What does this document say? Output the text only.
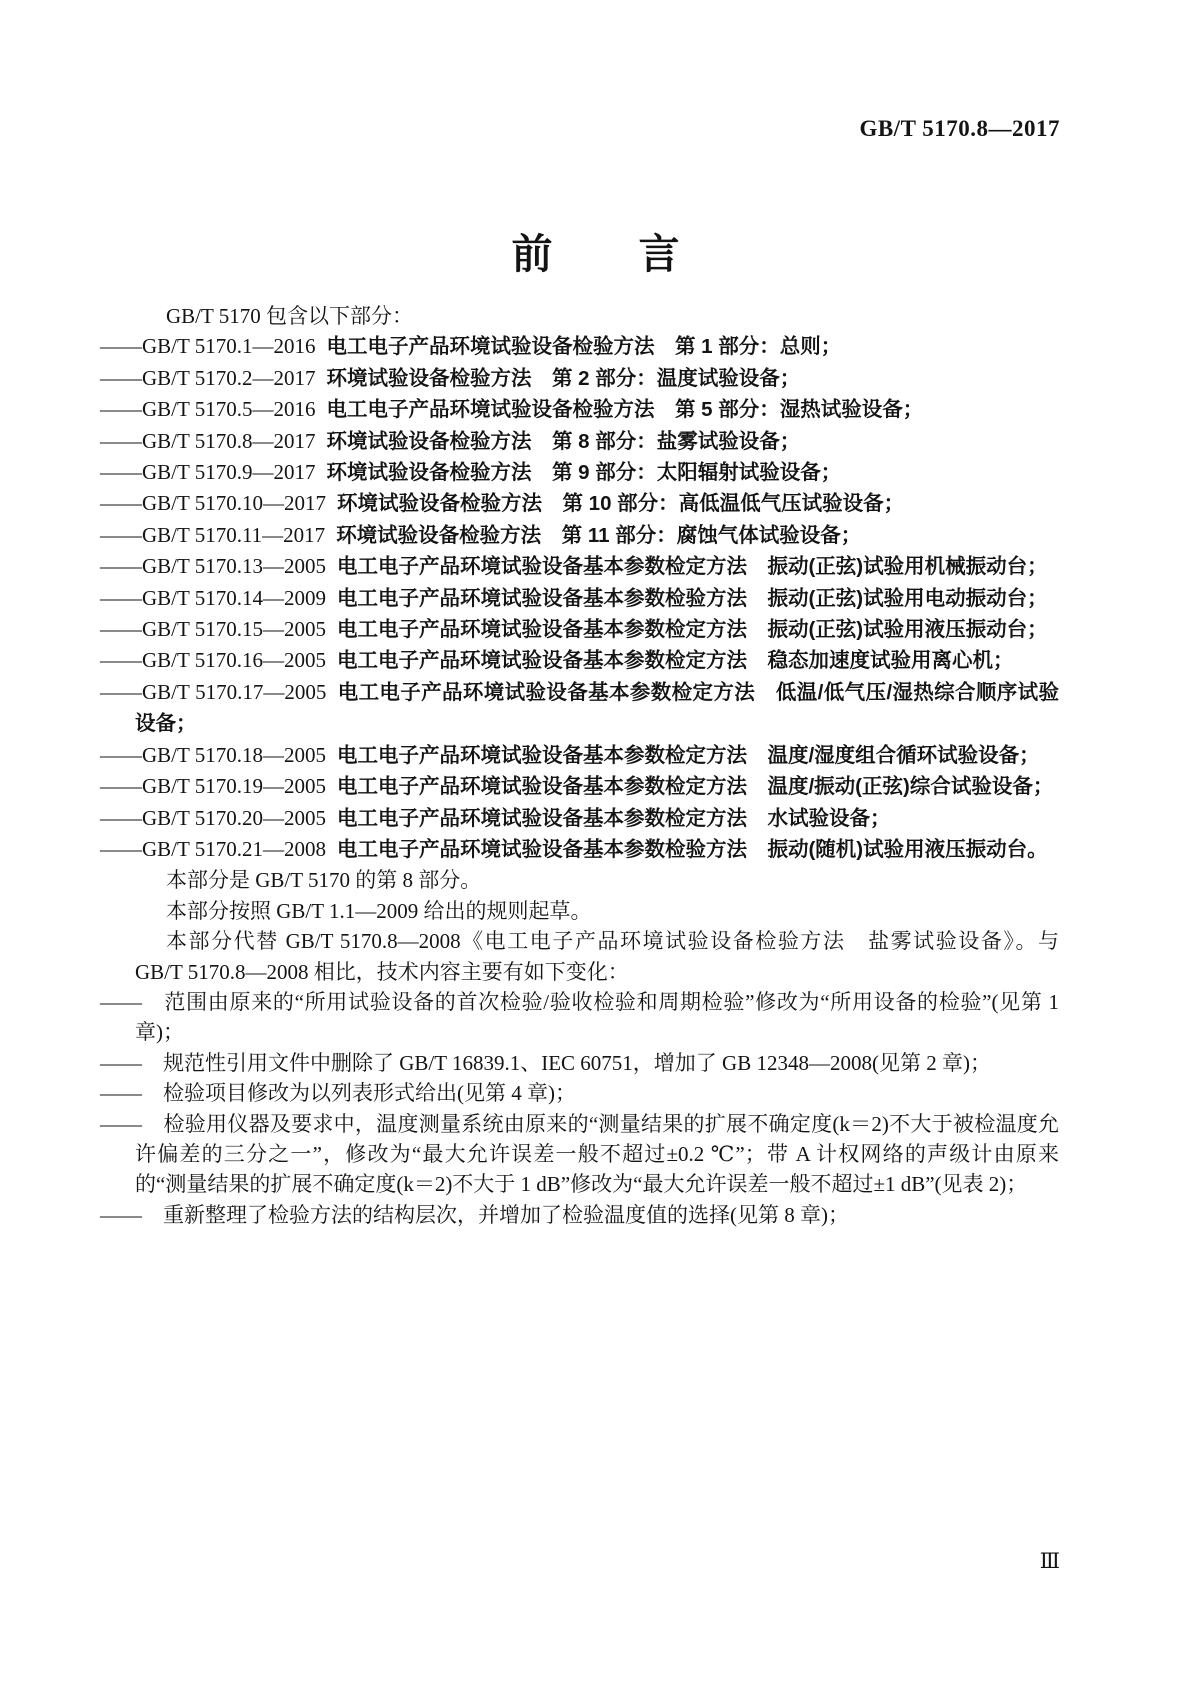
GB/T 5170.8—2017
前　言

GB/T 5170 包含以下部分：

——GB/T 5170.1—2016 电工电子产品环境试验设备检验方法　第 1 部分：总则；

——GB/T 5170.2—2017 环境试验设备检验方法　第 2 部分：温度试验设备；

——GB/T 5170.5—2016 电工电子产品环境试验设备检验方法　第 5 部分：湿热试验设备；

——GB/T 5170.8—2017 环境试验设备检验方法　第 8 部分：盐雾试验设备；

——GB/T 5170.9—2017 环境试验设备检验方法　第 9 部分：太阳辐射试验设备；

——GB/T 5170.10—2017 环境试验设备检验方法　第 10 部分：高低温低气压试验设备；

——GB/T 5170.11—2017 环境试验设备检验方法　第 11 部分：腐蚀气体试验设备；

——GB/T 5170.13—2005 电工电子产品环境试验设备基本参数检定方法　振动(正弦)试验用机械振动台；

——GB/T 5170.14—2009 电工电子产品环境试验设备基本参数检验方法　振动(正弦)试验用电动振动台；

——GB/T 5170.15—2005 电工电子产品环境试验设备基本参数检定方法　振动(正弦)试验用液压振动台；

——GB/T 5170.16—2005 电工电子产品环境试验设备基本参数检定方法　稳态加速度试验用离心机；

——GB/T 5170.17—2005 电工电子产品环境试验设备基本参数检定方法　低温/低气压/湿热综合顺序试验设备；

——GB/T 5170.18—2005 电工电子产品环境试验设备基本参数检定方法　温度/湿度组合循环试验设备；

——GB/T 5170.19—2005 电工电子产品环境试验设备基本参数检定方法　温度/振动(正弦)综合试验设备；

——GB/T 5170.20—2005 电工电子产品环境试验设备基本参数检定方法　水试验设备；

——GB/T 5170.21—2008 电工电子产品环境试验设备基本参数检验方法　振动(随机)试验用液压振动台。

本部分是 GB/T 5170 的第 8 部分。

本部分按照 GB/T 1.1—2009 给出的规则起草。

本部分代替 GB/T 5170.8—2008《电工电子产品环境试验设备检验方法　盐雾试验设备》。与 GB/T 5170.8—2008 相比，技术内容主要有如下变化：

——　范围由原来的“所用试验设备的首次检验/验收检验和周期检验”修改为“所用设备的检验”(见第 1 章)；

——　规范性引用文件中删除了 GB/T 16839.1、IEC 60751，增加了 GB 12348—2008(见第 2 章)；

——　检验项目修改为以列表形式给出(见第 4 章)；

——　检验用仪器及要求中，温度测量系统由原来的“测量结果的扩展不确定度(k＝2)不大于被检温度允许偏差的三分之一”，修改为“最大允许误差一般不超过±0.2 ℃”；带 A 计权网络的声级计由原来的“测量结果的扩展不确定度(k＝2)不大于 1 dB”修改为“最大允许误差一般不超过±1 dB”(见表 2)；

——　重新整理了检验方法的结构层次，并增加了检验温度值的选择(见第 8 章)；

Ⅲ
